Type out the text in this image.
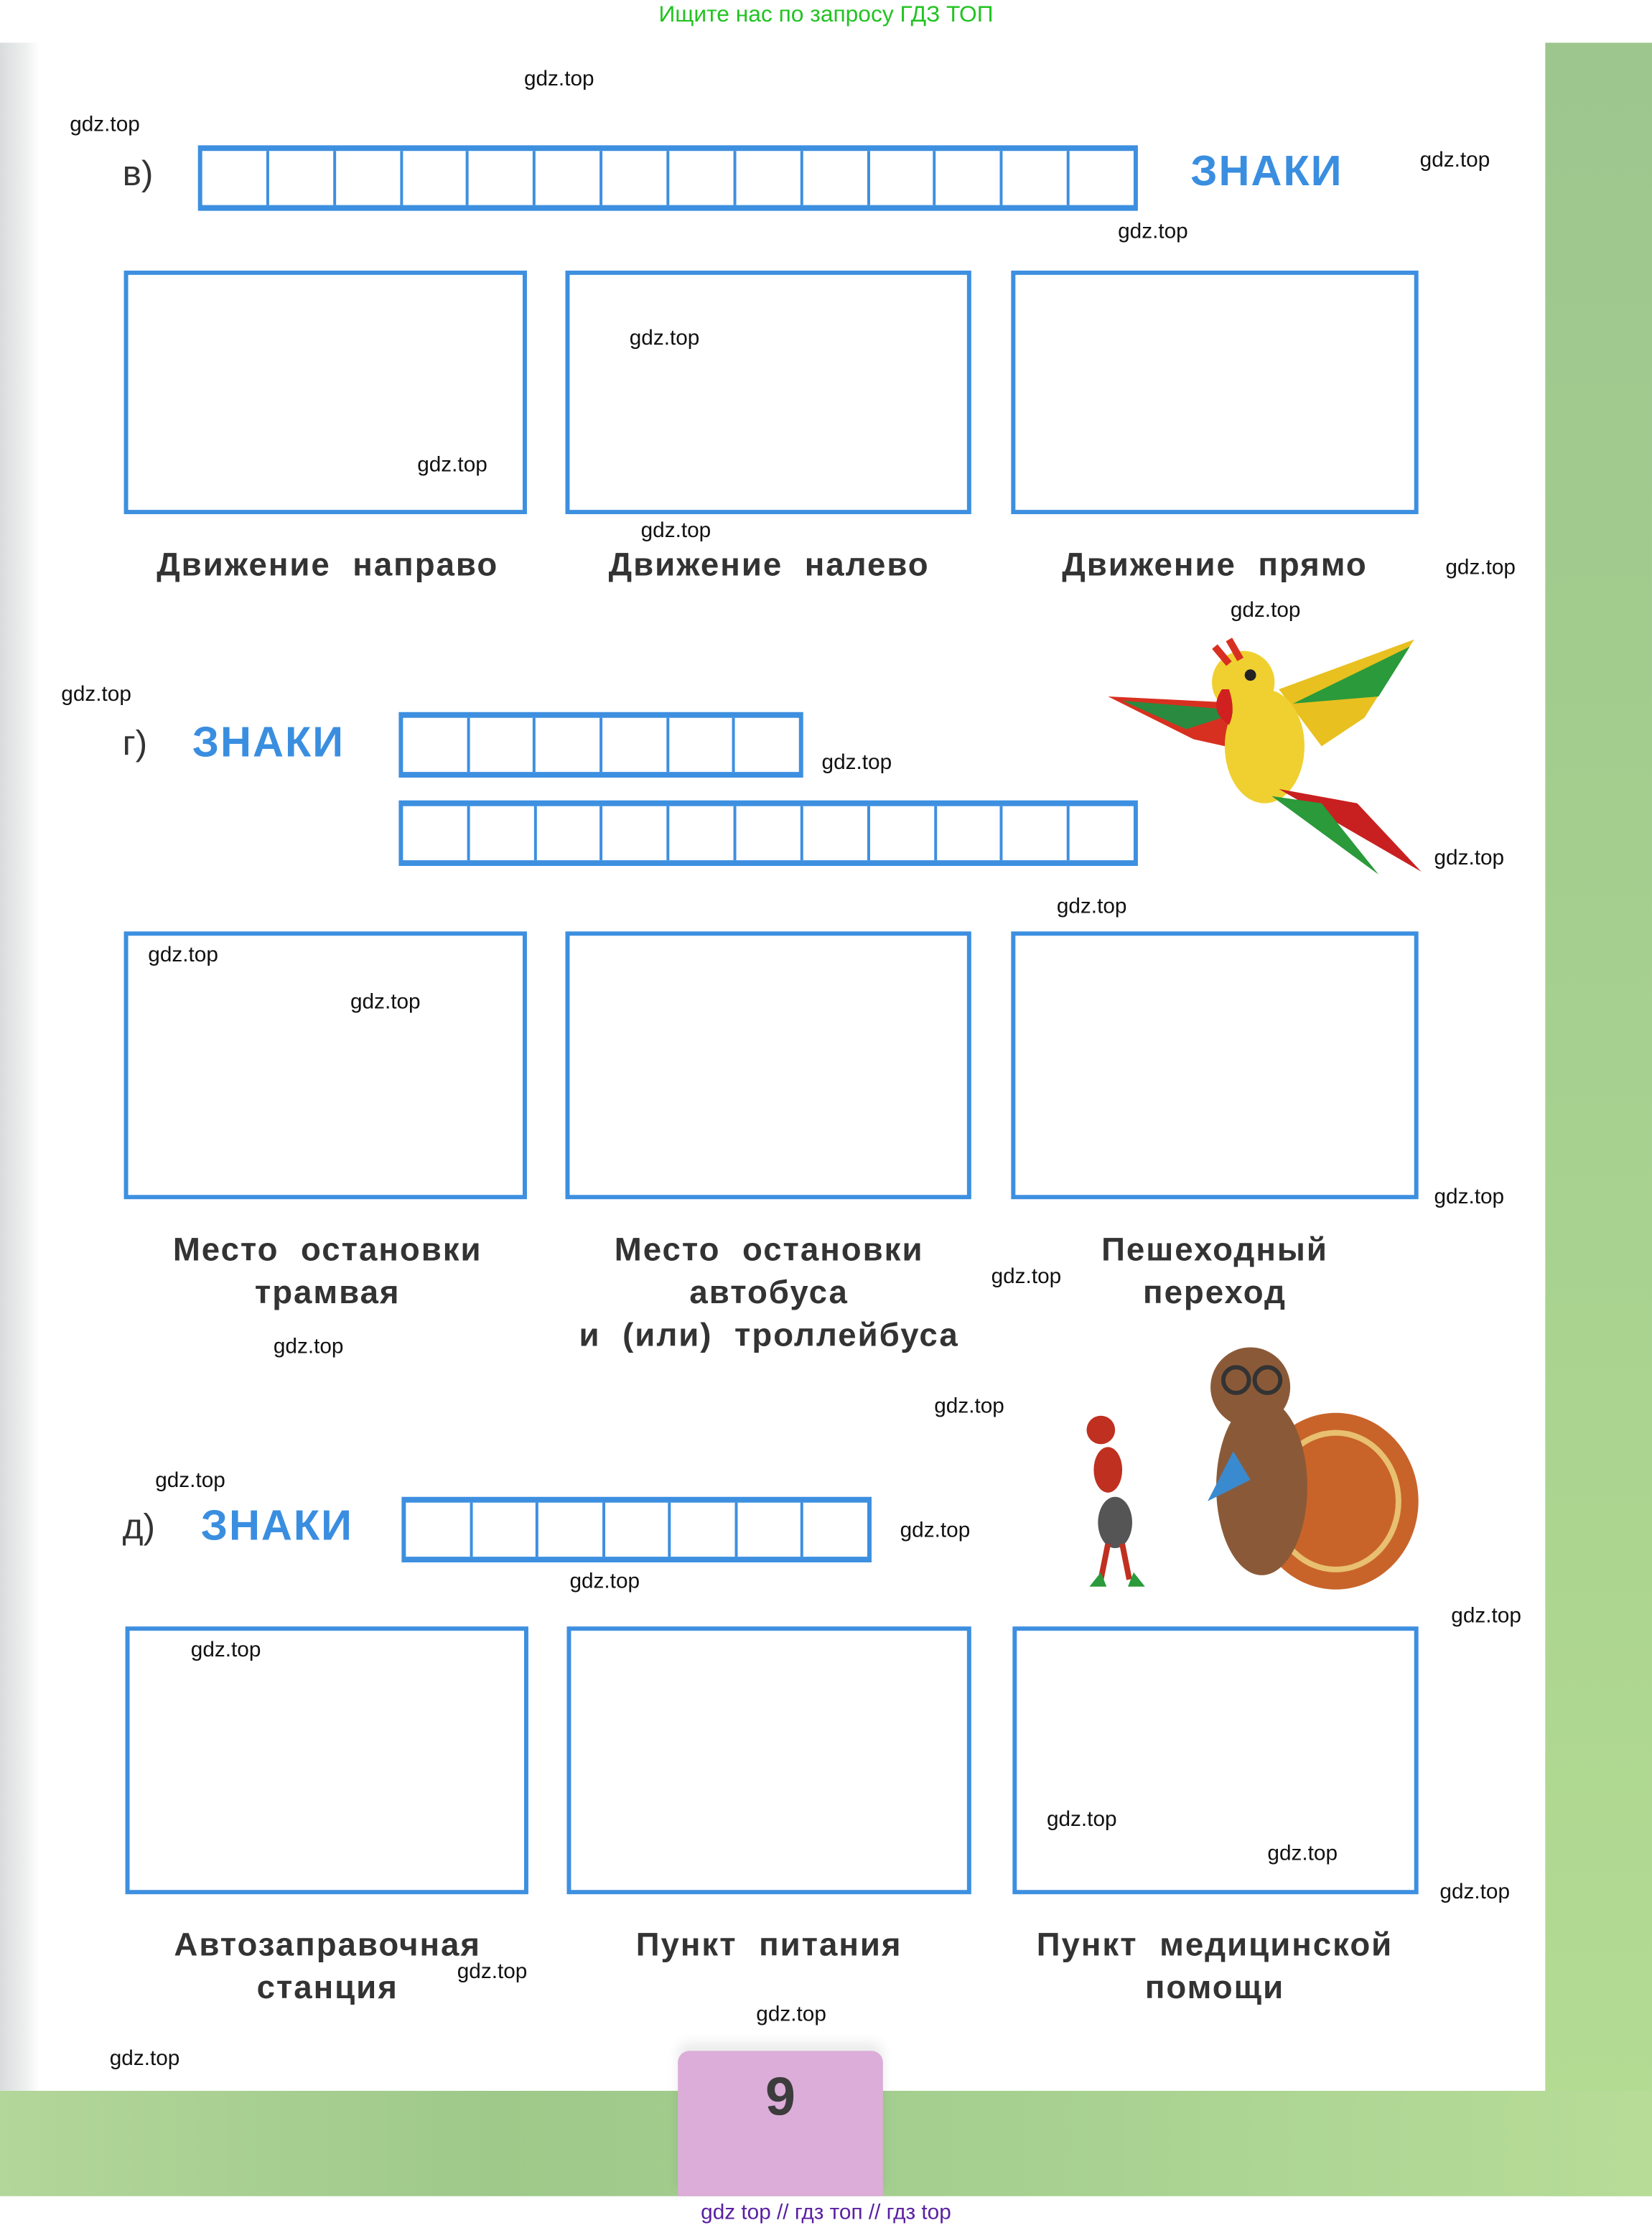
Ищите нас по запросу ГДЗ ТОП
в)	ЗНАКИ
Движение направо	Движение налево	Движение прямо
г) ЗНАКИ
Место остановки
трамвая
Место остановки
автобуса
и (или) троллейбуса
Пешеходный
переход
д) ЗНАКИ
Автозаправочная
станция
Пункт питания	Пункт медицинской
помощи
9
gdz.top
gdz.top
gdz.top
gdz.top
gdz.top
gdz.top
gdz.top
gdz.top
gdz.top
gdz.top
gdz.top
gdz.top
gdz.top
gdz.top
gdz.top
gdz.top
gdz.top
gdz.top
gdz.top
gdz.top
gdz.top
gdz.top
gdz.top
gdz.top
gdz.top
gdz.top
gdz.top
gdz.top
gdz.top
gdz.top
gdz top // гдз топ // гдз top
